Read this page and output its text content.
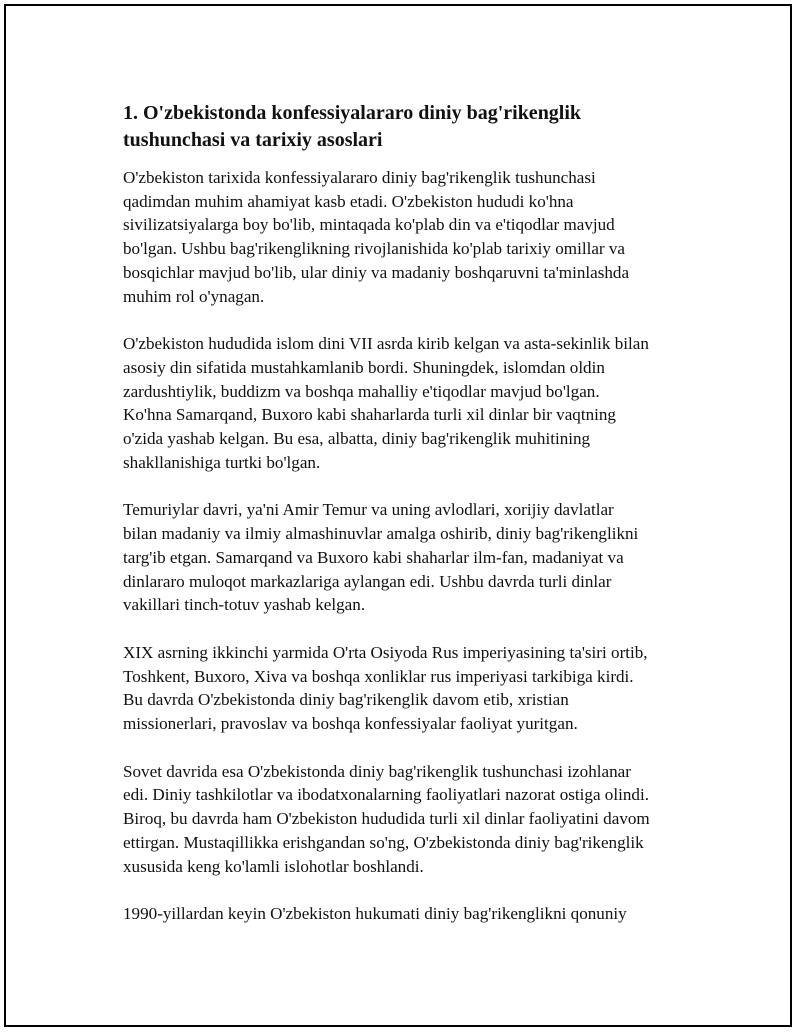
1. O'zbekistonda konfessiyalararo diniy bag'rikenglik
tushunchasi va tarixiy asoslari

O'zbekiston tarixida konfessiyalararo diniy bag'rikenglik tushunchasi
qadimdan muhim ahamiyat kasb etadi. O'zbekiston hududi ko'hna
sivilizatsiyalarga boy bo'lib, mintaqada ko'plab din va e'tiqodlar mavjud
bo'lgan. Ushbu bag'rikenglikning rivojlanishida ko'plab tarixiy omillar va
bosqichlar mavjud bo'lib, ular diniy va madaniy boshqaruvni ta'minlashda
muhim rol o'ynagan.

O'zbekiston hududida islom dini VII asrda kirib kelgan va asta-sekinlik bilan
asosiy din sifatida mustahkamlanib bordi. Shuningdek, islomdan oldin
zardushtiylik, buddizm va boshqa mahalliy e'tiqodlar mavjud bo'lgan.
Ko'hna Samarqand, Buxoro kabi shaharlarda turli xil dinlar bir vaqtning
o'zida yashab kelgan. Bu esa, albatta, diniy bag'rikenglik muhitining
shakllanishiga turtki bo'lgan.

Temuriylar davri, ya'ni Amir Temur va uning avlodlari, xorijiy davlatlar
bilan madaniy va ilmiy almashinuvlar amalga oshirib, diniy bag'rikenglikni
targ'ib etgan. Samarqand va Buxoro kabi shaharlar ilm-fan, madaniyat va
dinlararo muloqot markazlariga aylangan edi. Ushbu davrda turli dinlar
vakillari tinch-totuv yashab kelgan.

XIX asrning ikkinchi yarmida O'rta Osiyoda Rus imperiyasining ta'siri ortib,
Toshkent, Buxoro, Xiva va boshqa xonliklar rus imperiyasi tarkibiga kirdi.
Bu davrda O'zbekistonda diniy bag'rikenglik davom etib, xristian
missionerlari, pravoslav va boshqa konfessiyalar faoliyat yuritgan.

Sovet davrida esa O'zbekistonda diniy bag'rikenglik tushunchasi izohlanar
edi. Diniy tashkilotlar va ibodatxonalarning faoliyatlari nazorat ostiga olindi.
Biroq, bu davrda ham O'zbekiston hududida turli xil dinlar faoliyatini davom
ettirgan. Mustaqillikka erishgandan so'ng, O'zbekistonda diniy bag'rikenglik
xususida keng ko'lamli islohotlar boshlandi.

1990-yillardan keyin O'zbekiston hukumati diniy bag'rikenglikni qonuniy
